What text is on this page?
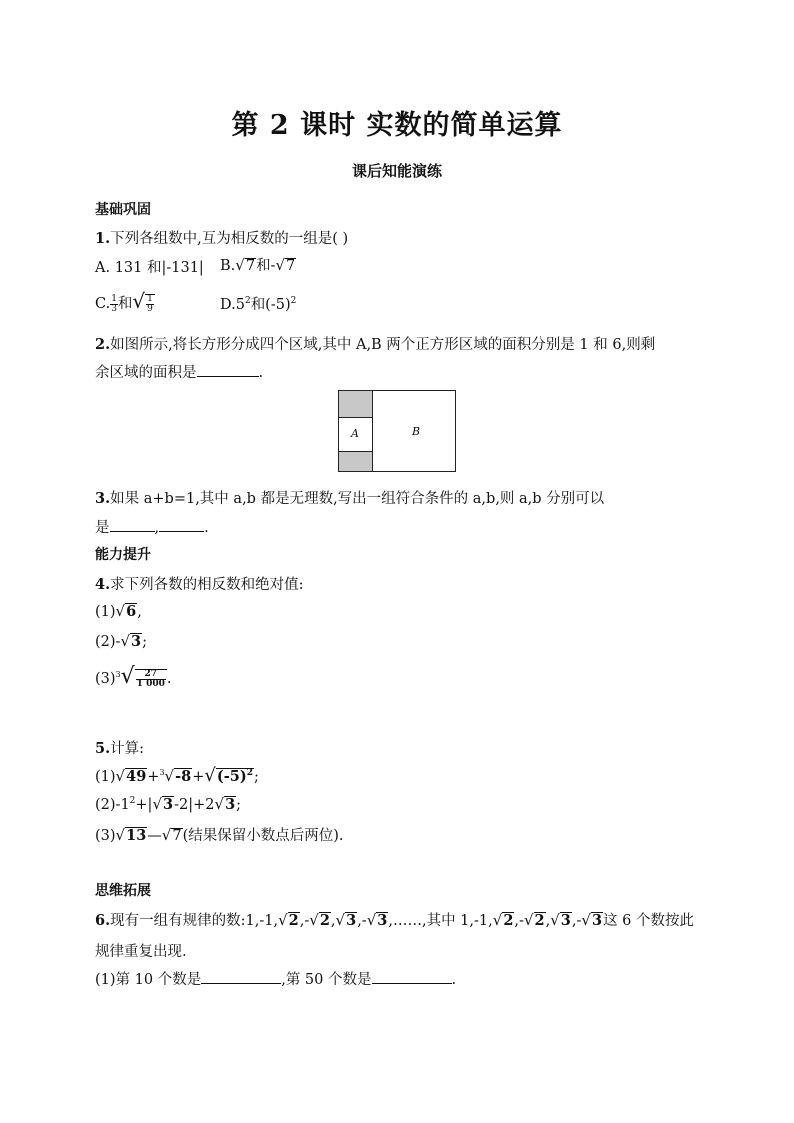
第 2 课时 实数的简单运算
课后知能演练
基础巩固
1.下列各组数中,互为相反数的一组是( )
A. 131 和|-131| B.√7和-√7
C. $\frac{1}{3}$ 和√ $\frac{1}{9}$	$D.5^2$和$(-5)^2$
2.如图所示,将长方形分成四个区域,其中 A,B 两个正方形区域的面积分别是 1 和 6,则剩
余区域的面积是	.
A	B
3.如果 a+b=1,其中 a,b 都是无理数,写出一组符合条件的 a,b,则 a,b 分别可以
是	,	.
能力提升
4.求下列各数的相反数和绝对值:
(1)√6,
(2)-√3;
$(3)^3√ \frac{27}{1 000}$ .
5.计算:
$(1)√49+^3√-8+√(-5)^2$;
$(2)-1^2+|√3-2|+2√3$;
(3)√13—√7(结果保留小数点后两位).
思维拓展
6.现有一组有规律的数:1,-1,√2,-√2,√3,-√3,……,其中 1,-1,√2,-√2,√3,-√3这 6 个数按此
规律重复出现.
(1)第 10 个数是	,第 50 个数是	.
